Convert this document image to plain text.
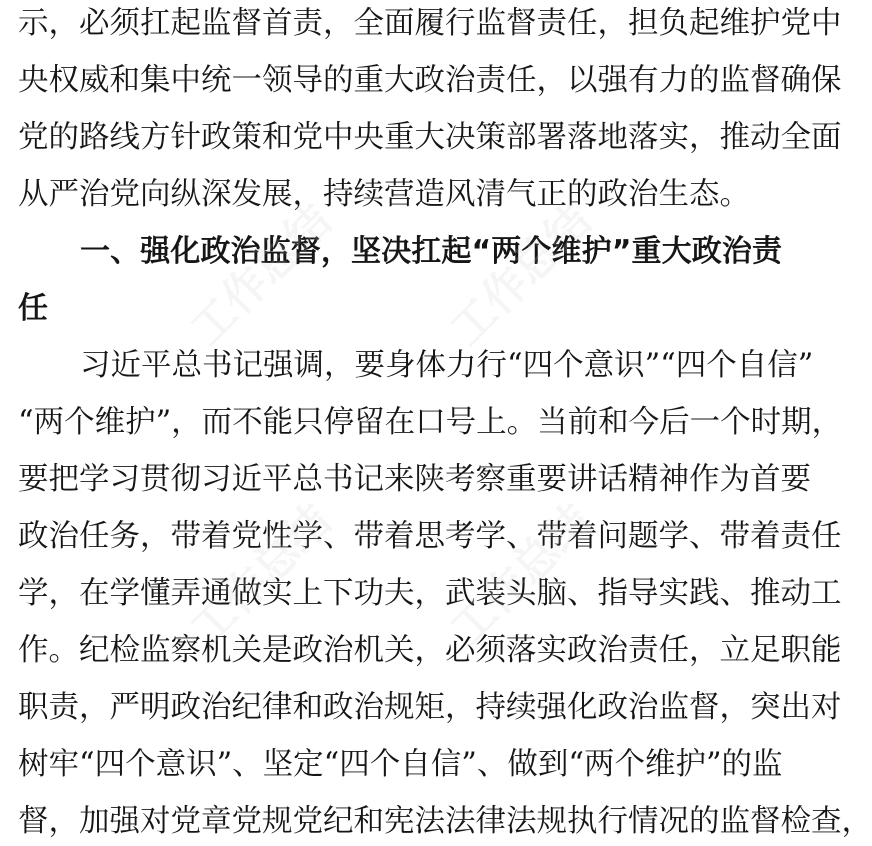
示，必须扛起监督首责，全面履行监督责任，担负起维护党中
央权威和集中统一领导的重大政治责任，以强有力的监督确保
党的路线方针政策和党中央重大决策部署落地落实，推动全面
从严治党向纵深发展，持续营造风清气正的政治生态。
一、强化政治监督，坚决扛起“两个维护”重大政治责
任
习近平总书记强调，要身体力行“四个意识”“四个自信”
“两个维护”，而不能只停留在口号上。当前和今后一个时期，
要把学习贯彻习近平总书记来陕考察重要讲话精神作为首要
政治任务，带着党性学、带着思考学、带着问题学、带着责任
学，在学懂弄通做实上下功夫，武装头脑、指导实践、推动工
作。纪检监察机关是政治机关，必须落实政治责任，立足职能
职责，严明政治纪律和政治规矩，持续强化政治监督，突出对
树牢“四个意识”、坚定“四个自信”、做到“两个维护”的监
督，加强对党章党规党纪和宪法法律法规执行情况的监督检查，
工作总结 工作总结
工作总结 工作总结
